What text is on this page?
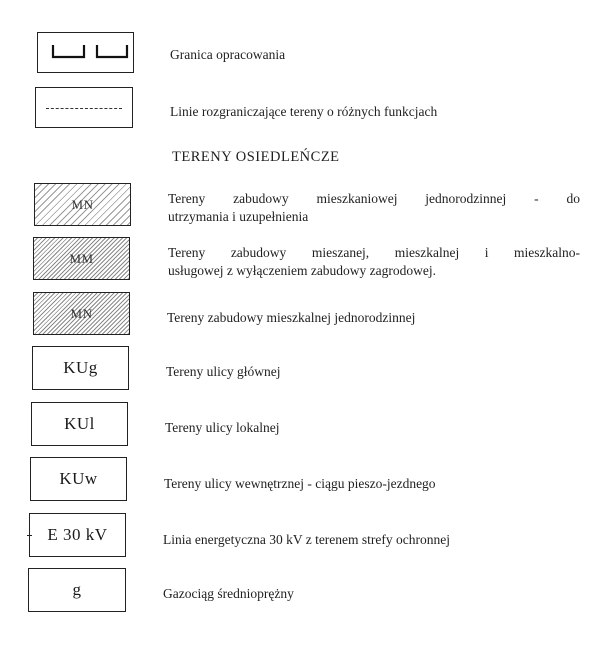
Granica opracowania
Linie rozgraniczające tereny o różnych funkcjach
TERENY OSIEDLEŃCZE
MN	Tereny zabudowy mieszkaniowej jednorodzinnej - do
utrzymania i uzupełnienia
MM	Tereny zabudowy mieszanej, mieszkalnej i mieszkalno-
usługowej z wyłączeniem zabudowy zagrodowej.
MN	Tereny zabudowy mieszkalnej jednorodzinnej
KUg	Tereny ulicy głównej
KUl	Tereny ulicy lokalnej
KUw	Tereny ulicy wewnętrznej - ciągu pieszo-jezdnego
E 30 kV	Linia energetyczna 30 kV z terenem strefy ochronnej
g	Gazociąg średnioprężny
